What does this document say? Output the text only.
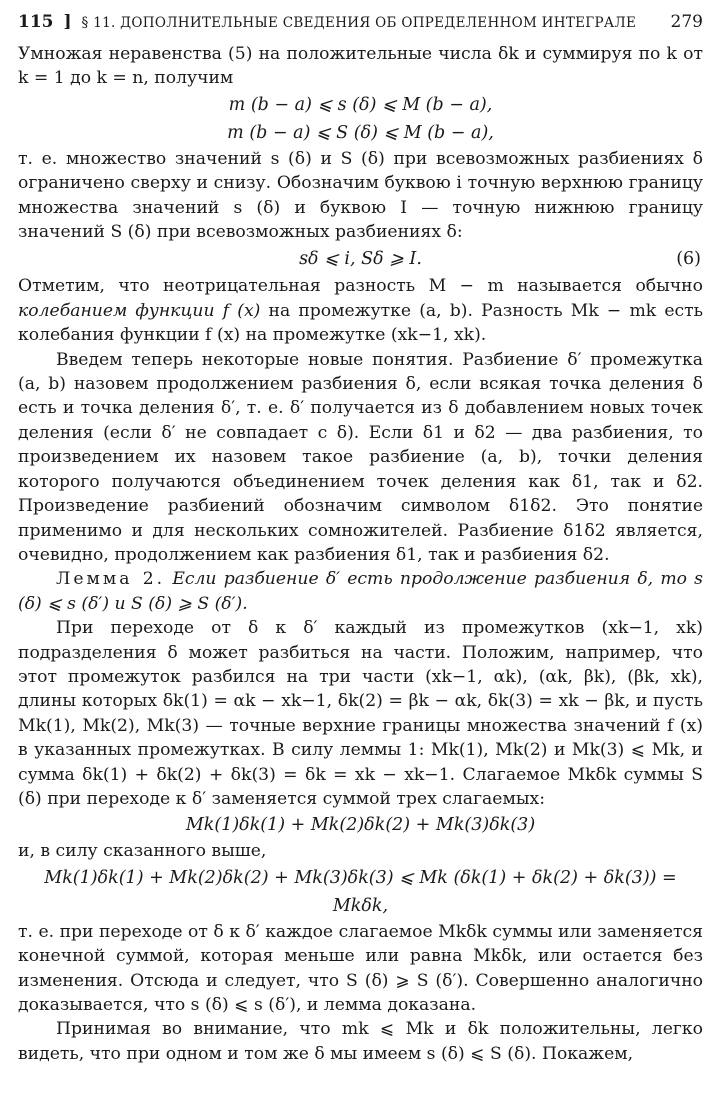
115 ] § 11. ДОПОЛНИТЕЛЬНЫЕ СВЕДЕНИЯ ОБ ОПРЕДЕЛЕННОМ ИНТЕГРАЛЕ 279

Умножая неравенства (5) на положительные числа δk и суммируя по k от k = 1 до k = n, получим

m (b − a) ⩽ s (δ) ⩽ M (b − a),
m (b − a) ⩽ S (δ) ⩽ M (b − a),

т. е. множество значений s (δ) и S (δ) при всевозможных разбиениях δ ограничено сверху и снизу. Обозначим буквою i точную верхнюю границу множества значений s (δ) и буквою I — точную нижнюю границу значений S (δ) при всевозможных разбиениях δ:

sδ ⩽ i, Sδ ⩾ I.	(6)

Отметим, что неотрицательная разность M − m называется обычно колебанием функции f (x) на промежутке (a, b). Разность Mk − mk есть колебания функции f (x) на промежутке (xk−1, xk).

Введем теперь некоторые новые понятия. Разбиение δ′ промежутка (a, b) назовем продолжением разбиения δ, если всякая точка деления δ есть и точка деления δ′, т. е. δ′ получается из δ добавлением новых точек деления (если δ′ не совпадает с δ). Если δ1 и δ2 — два разбиения, то произведением их назовем такое разбиение (a, b), точки деления которого получаются объединением точек деления как δ1, так и δ2. Произведение разбиений обозначим символом δ1δ2. Это понятие применимо и для нескольких сомножителей. Разбиение δ1δ2 является, очевидно, продолжением как разбиения δ1, так и разбиения δ2.

Лемма 2. Если разбиение δ′ есть продолжение разбиения δ, то s (δ) ⩽ s (δ′) и S (δ) ⩾ S (δ′).

При переходе от δ к δ′ каждый из промежутков (xk−1, xk) подразделения δ может разбиться на части. Положим, например, что этот промежуток разбился на три части (xk−1, αk), (αk, βk), (βk, xk), длины которых δk(1) = αk − xk−1, δk(2) = βk − αk, δk(3) = xk − βk, и пусть Mk(1), Mk(2), Mk(3) — точные верхние границы множества значений f (x) в указанных промежутках. В силу леммы 1: Mk(1), Mk(2) и Mk(3) ⩽ Mk, и сумма δk(1) + δk(2) + δk(3) = δk = xk − xk−1. Слагаемое Mkδk суммы S (δ) при переходе к δ′ заменяется суммой трех слагаемых:

Mk(1)δk(1) + Mk(2)δk(2) + Mk(3)δk(3)

и, в силу сказанного выше,

Mk(1)δk(1) + Mk(2)δk(2) + Mk(3)δk(3) ⩽ Mk (δk(1) + δk(2) + δk(3)) = Mkδk,

т. е. при переходе от δ к δ′ каждое слагаемое Mkδk суммы или заменяется конечной суммой, которая меньше или равна Mkδk, или остается без изменения. Отсюда и следует, что S (δ) ⩾ S (δ′). Совершенно аналогично доказывается, что s (δ) ⩽ s (δ′), и лемма доказана.

Принимая во внимание, что mk ⩽ Mk и δk положительны, легко видеть, что при одном и том же δ мы имеем s (δ) ⩽ S (δ). Покажем,
